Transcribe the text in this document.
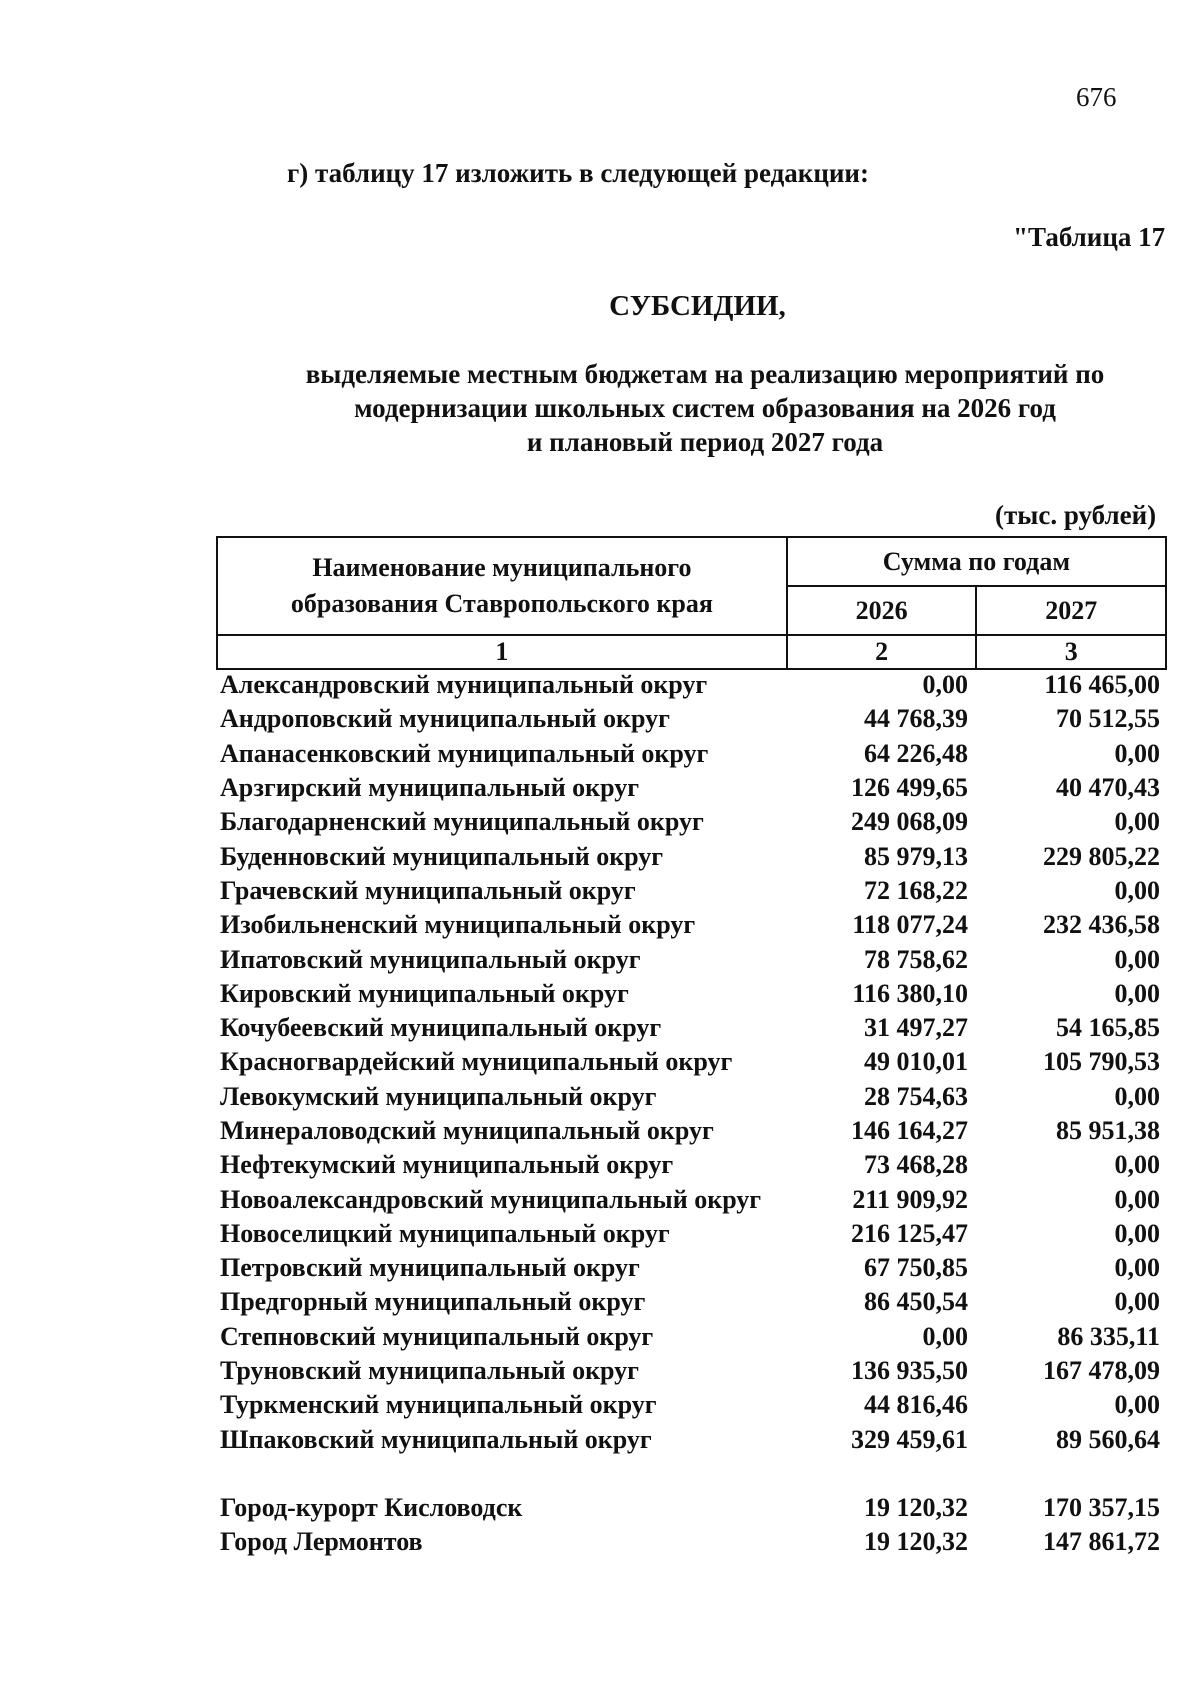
676
г) таблицу 17 изложить в следующей редакции:
"Таблица 17
СУБСИДИИ,
выделяемые местным бюджетам на реализацию мероприятий по
модернизации школьных систем образования на 2026 год
и плановый период 2027 года
(тыс. рублей)
Наименование муниципального
образования Ставропольского края	Сумма по годам	
	2026	2027
1	2	3
Александровский муниципальный округ	0,00	116 465,00
Андроповский муниципальный округ	44 768,39	70 512,55
Апанасенковский муниципальный округ	64 226,48	0,00
Арзгирский муниципальный округ	126 499,65	40 470,43
Благодарненский муниципальный округ	249 068,09	0,00
Буденновский муниципальный округ	85 979,13	229 805,22
Грачевский муниципальный округ	72 168,22	0,00
Изобильненский муниципальный округ	118 077,24	232 436,58
Ипатовский муниципальный округ	78 758,62	0,00
Кировский муниципальный округ	116 380,10	0,00
Кочубеевский муниципальный округ	31 497,27	54 165,85
Красногвардейский муниципальный округ	49 010,01	105 790,53
Левокумский муниципальный округ	28 754,63	0,00
Минераловодский муниципальный округ	146 164,27	85 951,38
Нефтекумский муниципальный округ	73 468,28	0,00
Новоалександровский муниципальный округ	211 909,92	0,00
Новоселицкий муниципальный округ	216 125,47	0,00
Петровский муниципальный округ	67 750,85	0,00
Предгорный муниципальный округ	86 450,54	0,00
Степновский муниципальный округ	0,00	86 335,11
Труновский муниципальный округ	136 935,50	167 478,09
Туркменский муниципальный округ	44 816,46	0,00
Шпаковский муниципальный округ	329 459,61	89 560,64

Город-курорт Кисловодск	19 120,32	170 357,15
Город Лермонтов	19 120,32	147 861,72
